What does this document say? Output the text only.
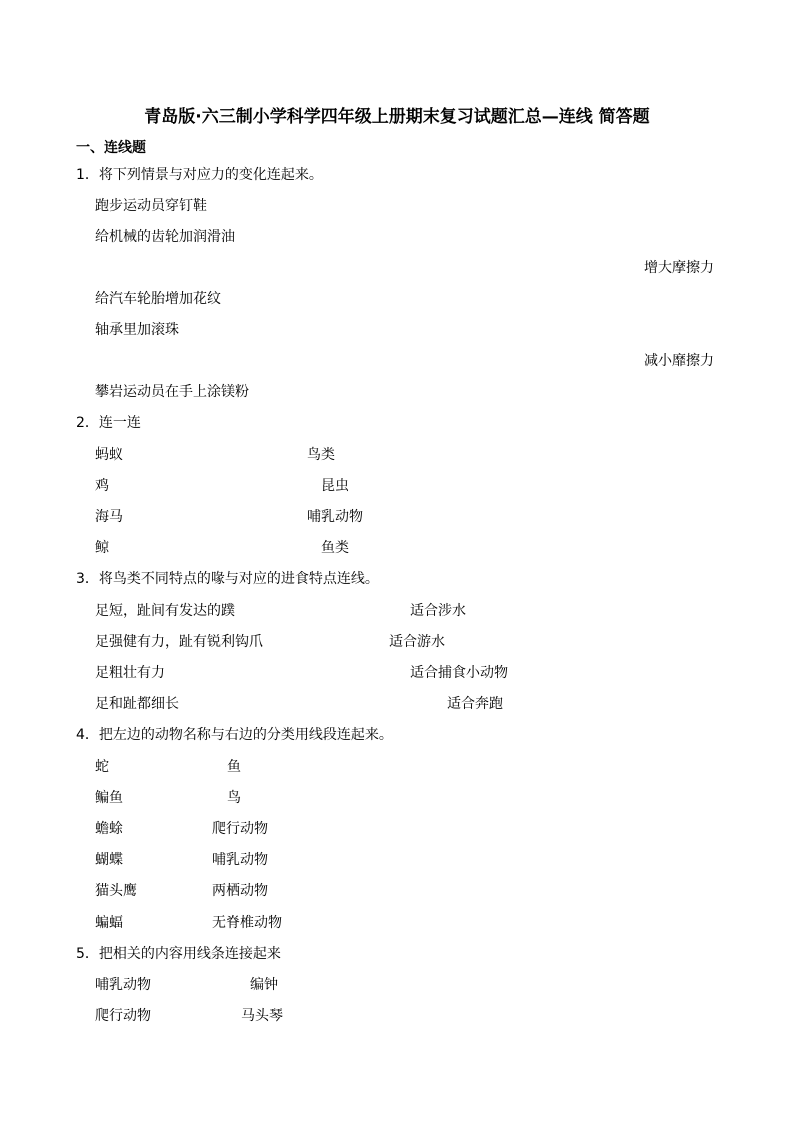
青岛版·六三制小学科学四年级上册期末复习试题汇总—连线 简答题
一、连线题
1．将下列情景与对应力的变化连起来。
跑步运动员穿钉鞋
给机械的齿轮加润滑油
增大摩擦力
给汽车轮胎增加花纹
轴承里加滚珠
减小靡擦力
攀岩运动员在手上涂镁粉
2．连一连
蚂蚁	鸟类
鸡	昆虫
海马	哺乳动物
鲸	鱼类
3．将鸟类不同特点的喙与对应的进食特点连线。
足短，趾间有发达的蹼	适合涉水
足强健有力，趾有锐利钩爪	适合游水
足粗壮有力	适合捕食小动物
足和趾都细长	适合奔跑
4．把左边的动物名称与右边的分类用线段连起来。
蛇	鱼
鳊鱼	鸟
蟾蜍	爬行动物
蝴蝶	哺乳动物
猫头鹰	两栖动物
蝙蝠	无脊椎动物
5．把相关的内容用线条连接起来
哺乳动物	编钟
爬行动物	马头琴
